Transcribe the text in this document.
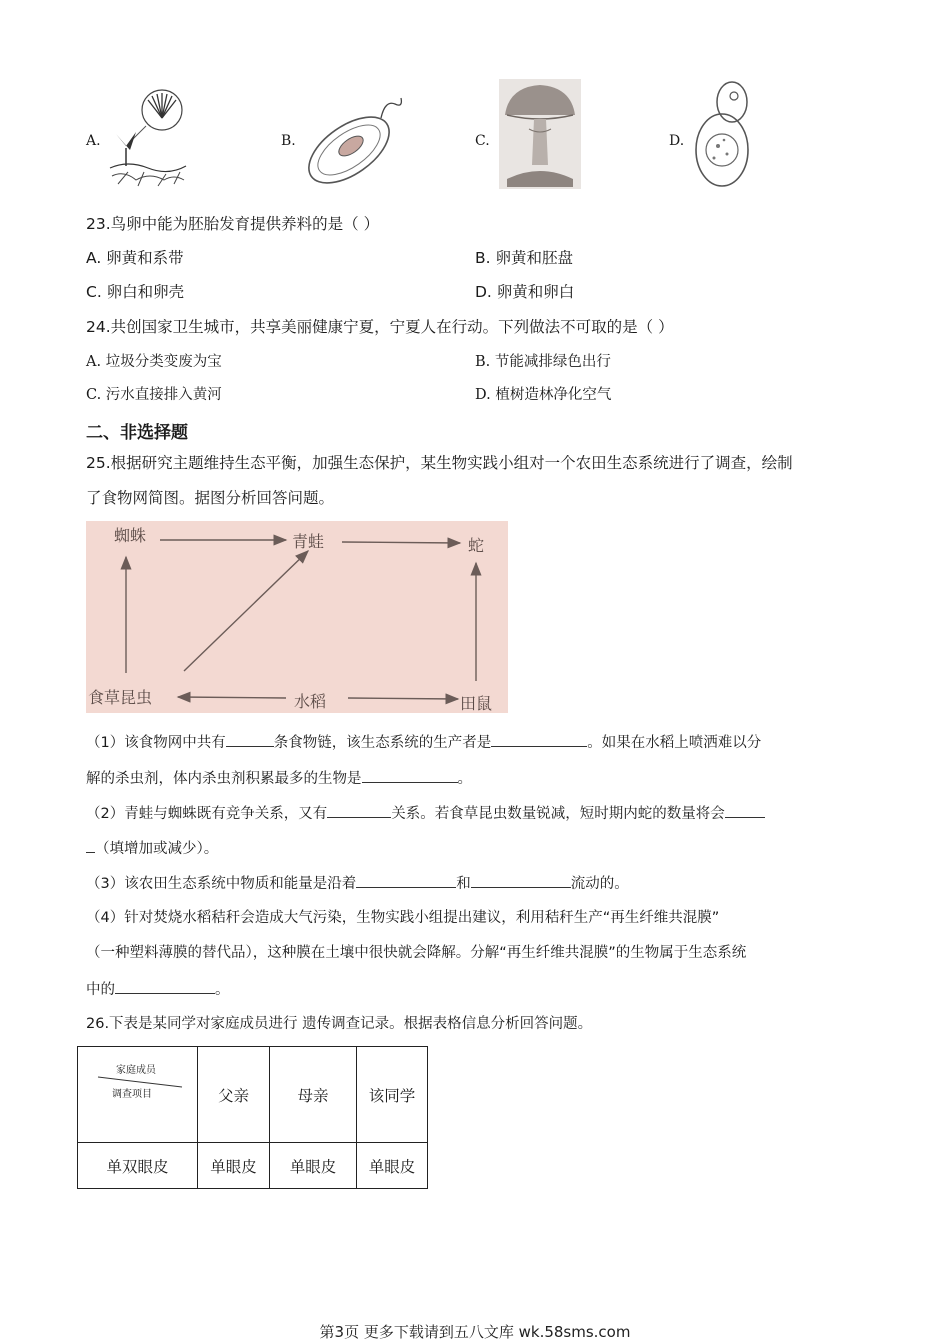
A.	B.	C.	D.
23.鸟卵中能为胚胎发育提供养料的是（ ）
A. 卵黄和系带	B. 卵黄和胚盘
C. 卵白和卵壳	D. 卵黄和卵白
24.共创国家卫生城市，共享美丽健康宁夏，宁夏人在行动。下列做法不可取的是（ ）
A. 垃圾分类变废为宝	B. 节能减排绿色出行
C. 污水直接排入黄河	D. 植树造林净化空气
二、非选择题
25.根据研究主题维持生态平衡，加强生态保护，某生物实践小组对一个农田生态系统进行了调查，绘制
了食物网简图。据图分析回答问题。
蜘蛛	青蛙	蛇
食草昆虫	水稻	田鼠
（1）该食物网中共有	条食物链，该生态系统的生产者是	。如果在水稻上喷洒难以分
解的杀虫剂，体内杀虫剂积累最多的生物是	。
（2）青蛙与蜘蛛既有竞争关系，又有	关系。若食草昆虫数量锐减，短时期内蛇的数量将会
（填增加或减少）。
（3）该农田生态系统中物质和能量是沿着	和	流动的。
（4）针对焚烧水稻秸秆会造成大气污染，生物实践小组提出建议，利用秸秆生产“再生纤维共混膜”
（一种塑料薄膜的替代品），这种膜在土壤中很快就会降解。分解“再生纤维共混膜”的生物属于生态系统
中的	。
26.下表是某同学对家庭成员进行 遗传调查记录。根据表格信息分析回答问题。
家庭成员
调查项目	父亲	母亲	该同学
单双眼皮	单眼皮	单眼皮	单眼皮
第3页 更多下载请到五八文库 wk.58sms.com
